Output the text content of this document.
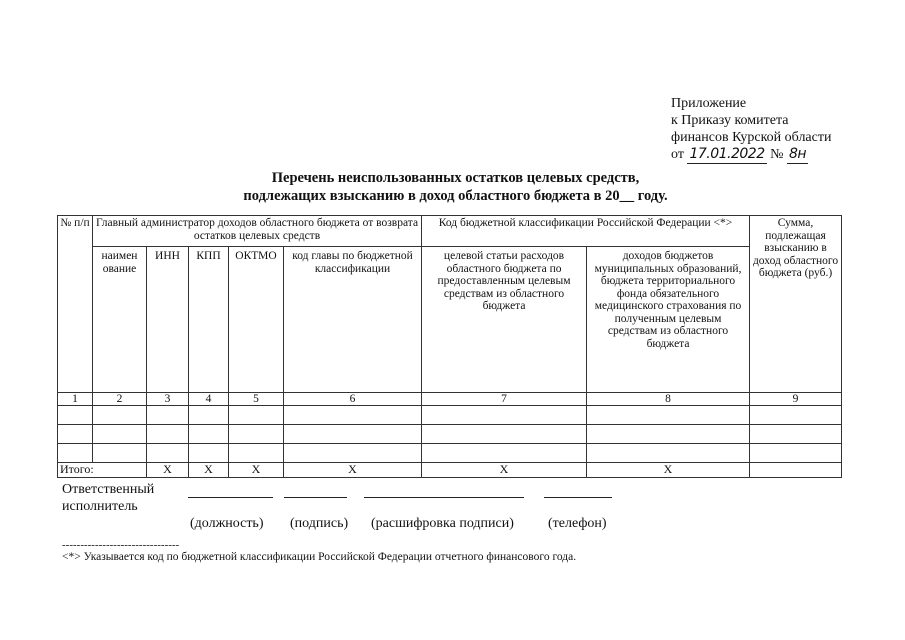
Приложение
к Приказу комитета
финансов Курской области
от 17.01.2022 № 8н
Перечень неиспользованных остатков целевых средств,
подлежащих взысканию в доход областного бюджета в 20__ году.
№ п/п	Главный администратор доходов областного бюджета от возврата остатков целевых средств					Код бюджетной классификации Российской Федерации <*>		Сумма, подлежащая взысканию в доход областного бюджета (руб.)
	наимен ование	ИНН	КПП	ОКТМО	код главы по бюджетной классификации	целевой статьи расходов областного бюджета по предоставленным целевым средствам из областного бюджета	доходов бюджетов муниципальных образований, бюджета территориального фонда обязательного медицинского страхования по полученным целевым средствам из областного бюджета	
1	2	3	4	5	6	7	8	9

Итого:		X	X	X	X	X	X	
Ответственный
исполнитель
(должность) (подпись) (расшифровка подписи) (телефон)
--------------------------------
<*> Указывается код по бюджетной классификации Российской Федерации отчетного финансового года.
